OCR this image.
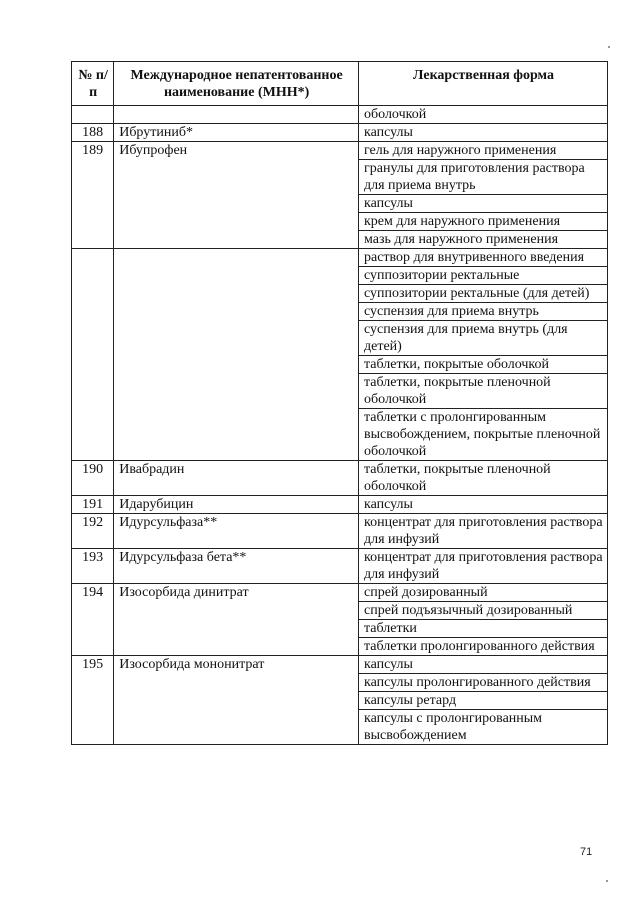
№ п/п	Международное непатентованное наименование (МНН*)	Лекарственная форма
		оболочкой
188	Ибрутиниб*	капсулы
189	Ибупрофен	гель для наружного применения
		гранулы для приготовления раствора для приема внутрь
		капсулы
		крем для наружного применения
		мазь для наружного применения
		раствор для внутривенного введения
		суппозитории ректальные
		суппозитории ректальные (для детей)
		суспензия для приема внутрь
		суспензия для приема внутрь (для детей)
		таблетки, покрытые оболочкой
		таблетки, покрытые пленочной оболочкой
		таблетки с пролонгированным высвобождением, покрытые пленочной оболочкой
190	Ивабрадин	таблетки, покрытые пленочной оболочкой
191	Идарубицин	капсулы
192	Идурсульфаза**	концентрат для приготовления раствора для инфузий
193	Идурсульфаза бета**	концентрат для приготовления раствора для инфузий
194	Изосорбида динитрат	спрей дозированный
		спрей подъязычный дозированный
		таблетки
		таблетки пролонгированного действия
195	Изосорбида мононитрат	капсулы
		капсулы пролонгированного действия
		капсулы ретард
		капсулы с пролонгированным высвобождением
71
